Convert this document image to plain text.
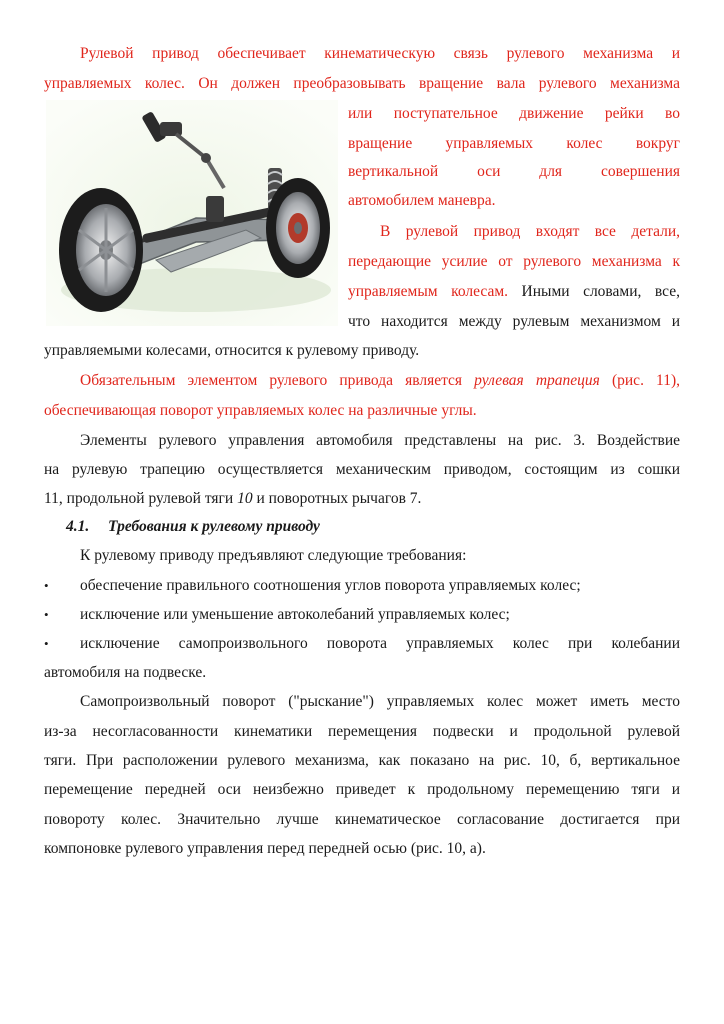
Рулевой привод обеспечивает кинематическую связь рулевого механизма и
управляемых колес. Он должен преобразовывать вращение вала рулевого механизма
или поступательное движение рейки во
вращение управляемых колес вокруг
вертикальной оси для совершения
автомобилем маневра.
В рулевой привод входят все детали,
передающие усилие от рулевого механизма к
управляемым колесам. Иными словами, все,
что находится между рулевым механизмом и
управляемыми колесами, относится к рулевому приводу.
Обязательным элементом рулевого привода является рулевая трапеция (рис. 11),
обеспечивающая поворот управляемых колес на различные углы.
Элементы рулевого управления автомобиля представлены на рис. 3. Воздействие
на рулевую трапецию осуществляется механическим приводом, состоящим из сошки
11, продольной рулевой тяги 10 и поворотных рычагов 7.
4.1. Требования к рулевому приводу
К рулевому приводу предъявляют следующие требования:
• обеспечение правильного соотношения углов поворота управляемых колес;
• исключение или уменьшение автоколебаний управляемых колес;
• исключение самопроизвольного поворота управляемых колес при колебании
автомобиля на подвеске.
Самопроизвольный поворот ("рыскание") управляемых колес может иметь место
из-за несогласованности кинематики перемещения подвески и продольной рулевой
тяги. При расположении рулевого механизма, как показано на рис. 10, б, вертикальное
перемещение передней оси неизбежно приведет к продольному перемещению тяги и
повороту колес. Значительно лучше кинематическое согласование достигается при
компоновке рулевого управления перед передней осью (рис. 10, а).
